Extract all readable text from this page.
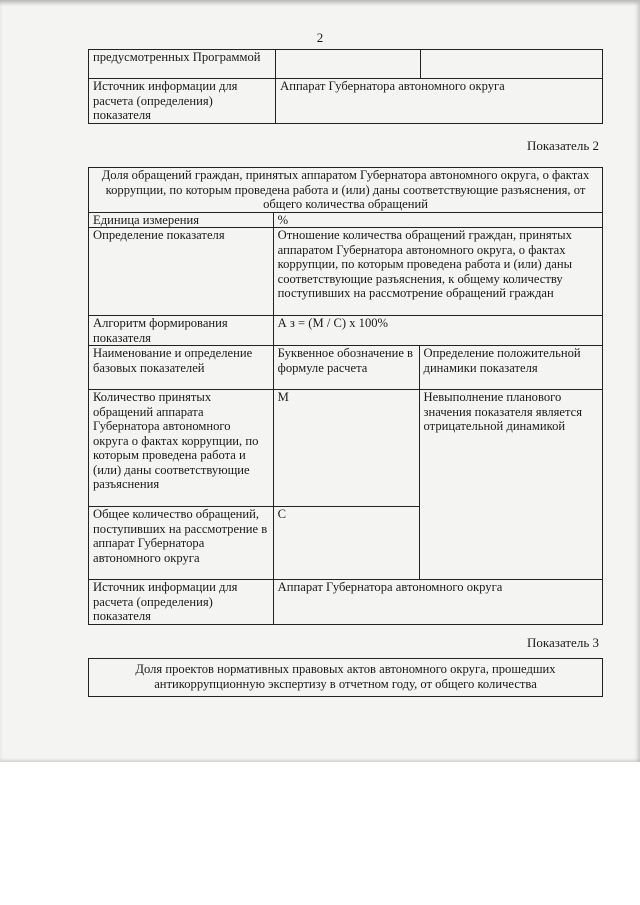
2
предусмотренных Программой		
Источник информации для расчета (определения) показателя	Аппарат Губернатора автономного округа	
Показатель 2
Доля обращений граждан, принятых аппаратом Губернатора автономного округа, о фактах коррупции, по которым проведена работа и (или) даны соответствующие разъяснения, от общего количества обращений		
Единица измерения	%	
Определение показателя	Отношение количества обращений граждан, принятых аппаратом Губернатора автономного округа, о фактах коррупции, по которым проведена работа и (или) даны соответствующие разъяснения, к общему количеству поступивших на рассмотрение обращений граждан	
Алгоритм формирования показателя	А з = (М / С) х 100%	
Наименование и определение базовых показателей	Буквенное обозначение в формуле расчета	Определение положительной динамики показателя
Количество принятых обращений аппарата Губернатора автономного округа о фактах коррупции, по которым проведена работа и (или) даны соответствующие разъяснения	М	Невыполнение планового значения показателя является отрицательной динамикой
Общее количество обращений, поступивших на рассмотрение в аппарат Губернатора автономного округа	С	
Источник информации для расчета (определения) показателя	Аппарат Губернатора автономного округа	
Показатель 3
Доля проектов нормативных правовых актов автономного округа, прошедших антикоррупционную экспертизу в отчетном году, от общего количества
